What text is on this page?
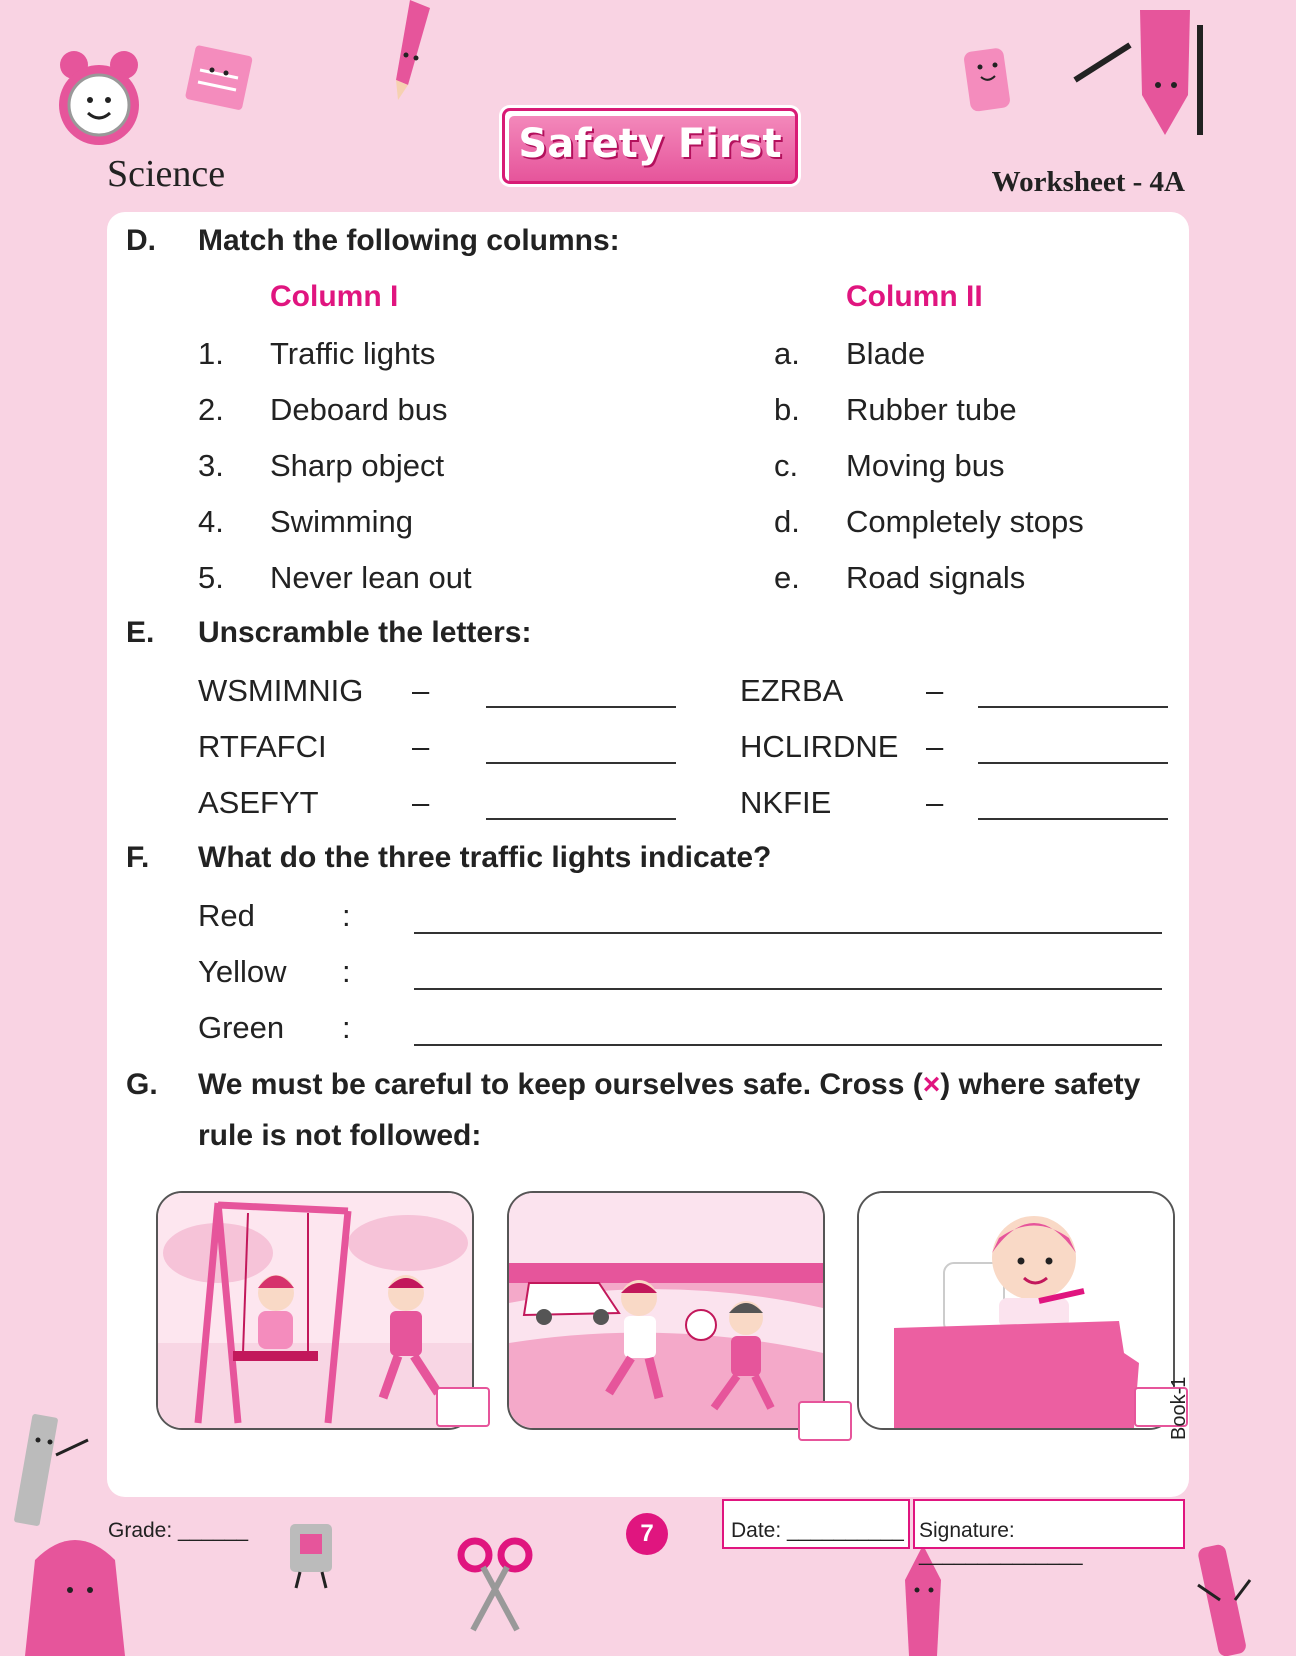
Science
Safety First
Worksheet - 4A
D. Match the following columns:
Column I	Column II
1. Traffic lights	a. Blade
2. Deboard bus	b. Rubber tube
3. Sharp object	c. Moving bus
4. Swimming	d. Completely stops
5. Never lean out	e. Road signals
E. Unscramble the letters:
WSMIMNIG –	EZRBA	–
RTFAFCI	–	HCLIRDNE –
ASEFYT	–	NKFIE	–
F. What do the three traffic lights indicate?
Red	:
Yellow :
Green :
G. We must be careful to keep ourselves safe. Cross (×) where safety
rule is not followed:
Grade: ______	7	Date: __________ Signature: ______________
Book-1
